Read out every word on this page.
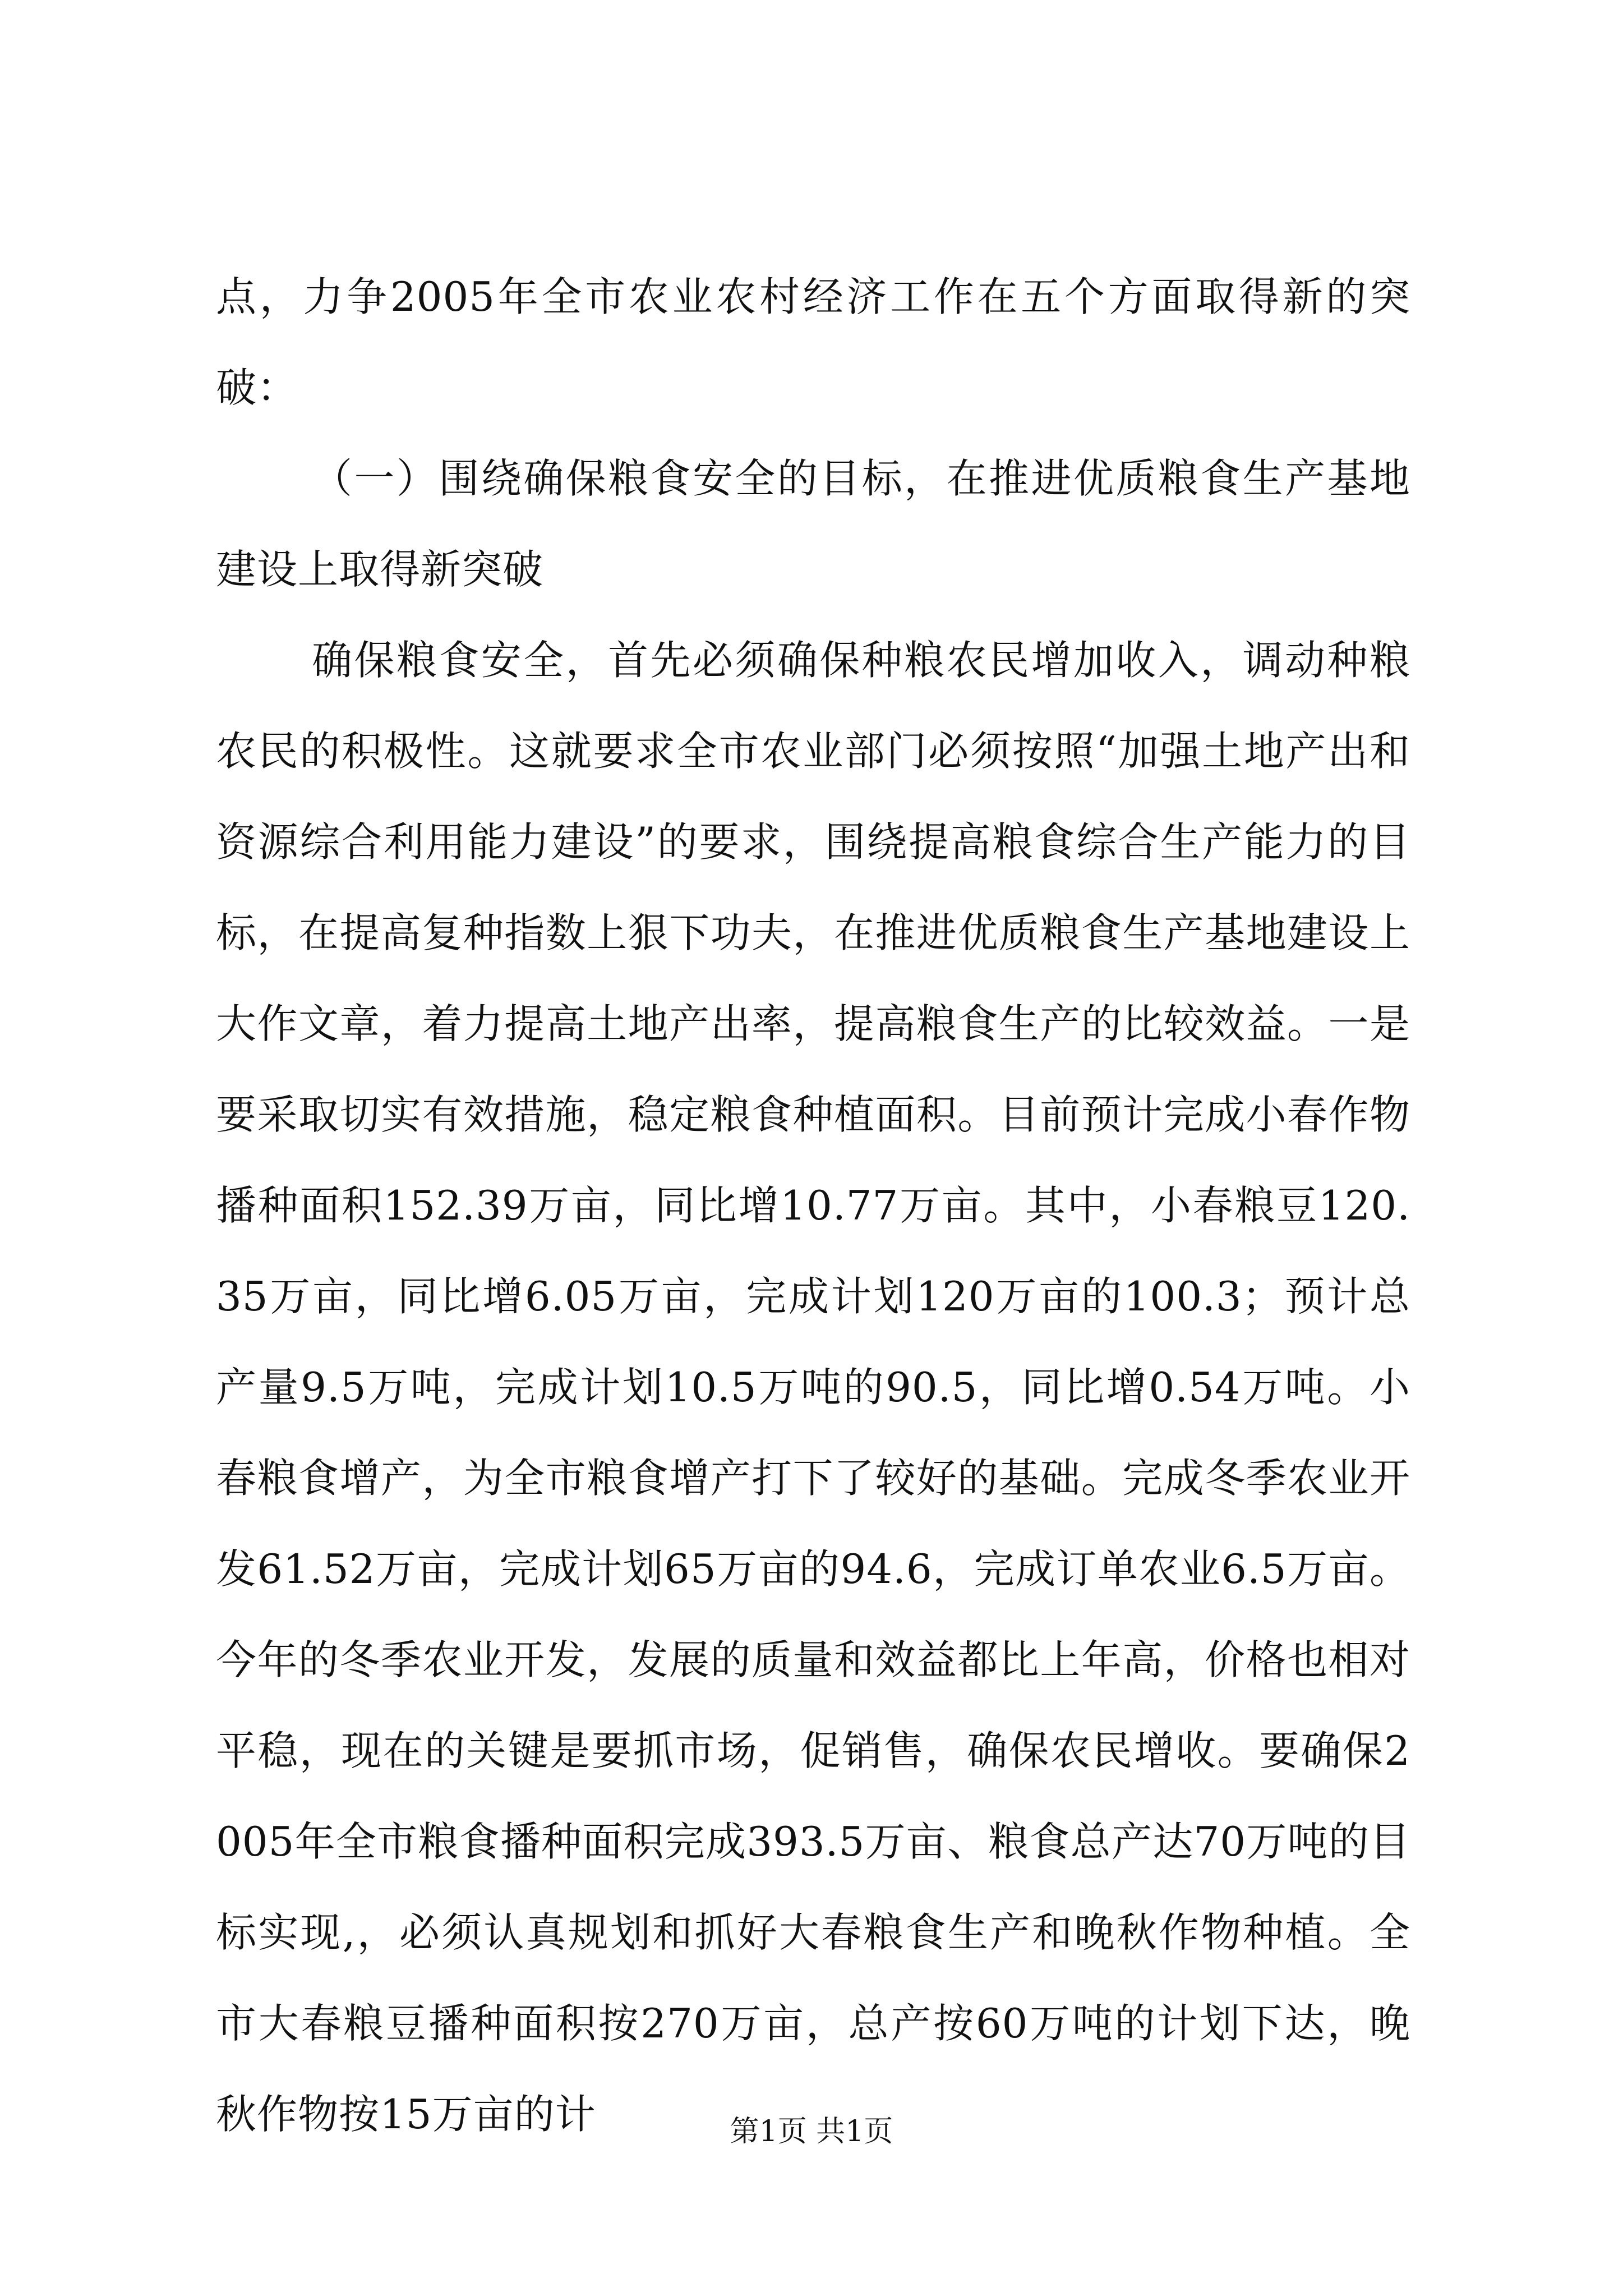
点，力争2005年全市农业农村经济工作在五个方面取得新的突破：

（一）围绕确保粮食安全的目标，在推进优质粮食生产基地建设上取得新突破

确保粮食安全，首先必须确保种粮农民增加收入，调动种粮农民的积极性。这就要求全市农业部门必须按照“加强土地产出和资源综合利用能力建设”的要求，围绕提高粮食综合生产能力的目标，在提高复种指数上狠下功夫，在推进优质粮食生产基地建设上大作文章，着力提高土地产出率，提高粮食生产的比较效益。一是要采取切实有效措施，稳定粮食种植面积。目前预计完成小春作物播种面积152.39万亩，同比增10.77万亩。其中，小春粮豆120.35万亩，同比增6.05万亩，完成计划120万亩的100.3；预计总产量9.5万吨，完成计划10.5万吨的90.5，同比增0.54万吨。小春粮食增产，为全市粮食增产打下了较好的基础。完成冬季农业开发61.52万亩，完成计划65万亩的94.6，完成订单农业6.5万亩。今年的冬季农业开发，发展的质量和效益都比上年高，价格也相对平稳，现在的关键是要抓市场，促销售，确保农民增收。要确保2005年全市粮食播种面积完成393.5万亩、粮食总产达70万吨的目标实现,，必须认真规划和抓好大春粮食生产和晚秋作物种植。全市大春粮豆播种面积按270万亩，总产按60万吨的计划下达，晚秋作物按15万亩的计	第1页 共1页
